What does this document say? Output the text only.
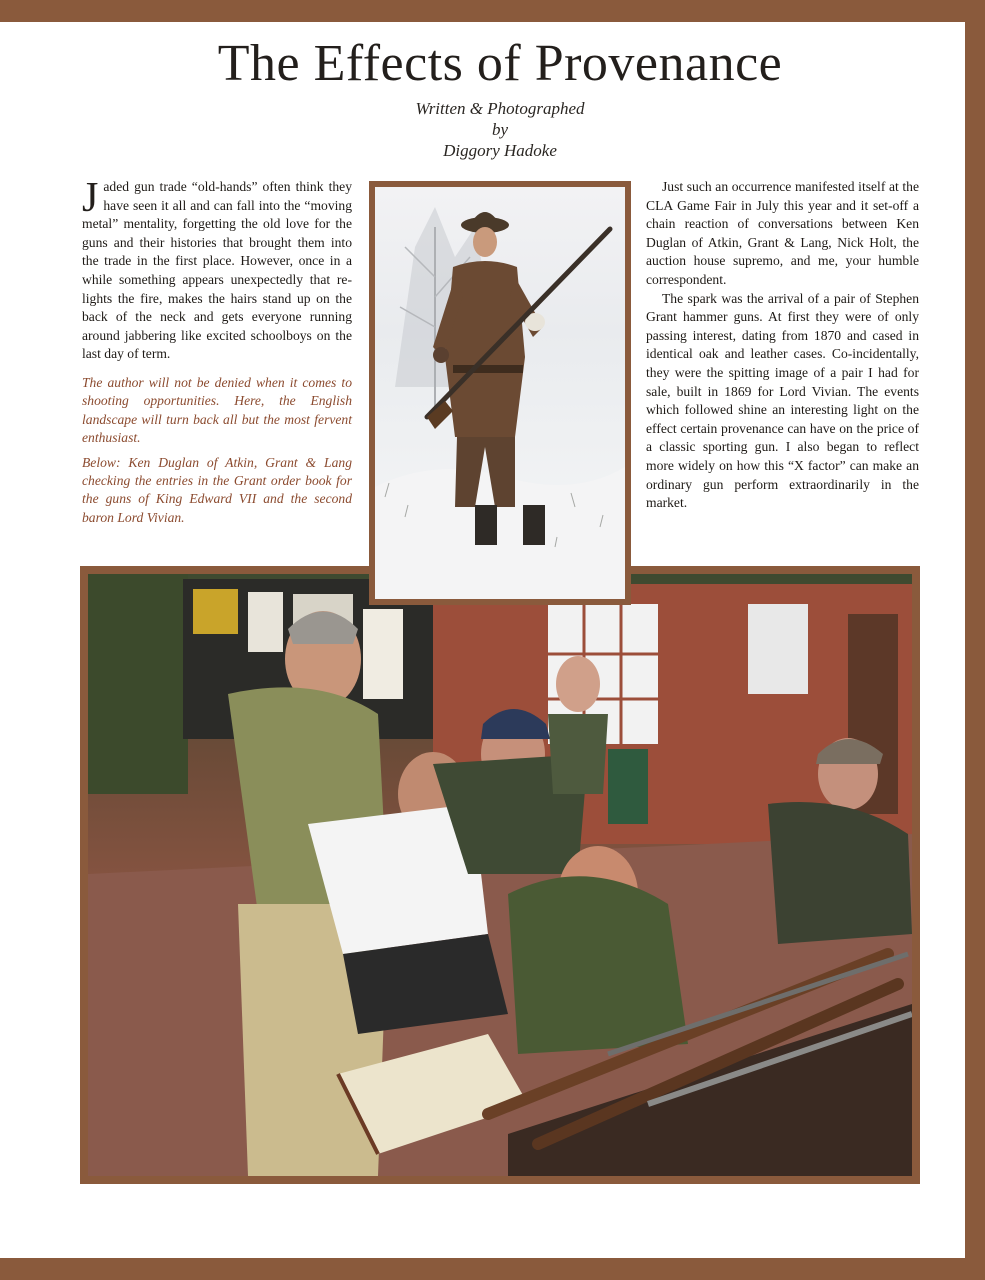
The Effects of Provenance
Written & Photographed
by
Diggory Hadoke

Jaded gun trade “old-hands” often think they have seen it all and can fall into the “moving metal” mentality, forgetting the old love for the guns and their histories that brought them into the trade in the first place. However, once in a while something appears unexpectedly that re-lights the fire, makes the hairs stand up on the back of the neck and gets everyone running around jabbering like excited schoolboys on the last day of term.

The author will not be denied when it comes to shooting opportunities. Here, the English landscape will turn back all but the most fervent enthusiast.

Below: Ken Duglan of Atkin, Grant & Lang checking the entries in the Grant order book for the guns of King Edward VII and the second baron Lord Vivian.

Just such an occurrence manifested itself at the CLA Game Fair in July this year and it set-off a chain reaction of conversations between Ken Duglan of Atkin, Grant & Lang, Nick Holt, the auction house supremo, and me, your humble correspondent.

The spark was the arrival of a pair of Stephen Grant hammer guns. At first they were of only passing interest, dating from 1870 and cased in identical oak and leather cases. Co-incidentally, they were the spitting image of a pair I had for sale, built in 1869 for Lord Vivian. The events which followed shine an interesting light on the effect certain provenance can have on the price of a classic sporting gun. I also began to reflect more widely on how this “X factor” can make an ordinary gun perform extraordinarily in the market.
